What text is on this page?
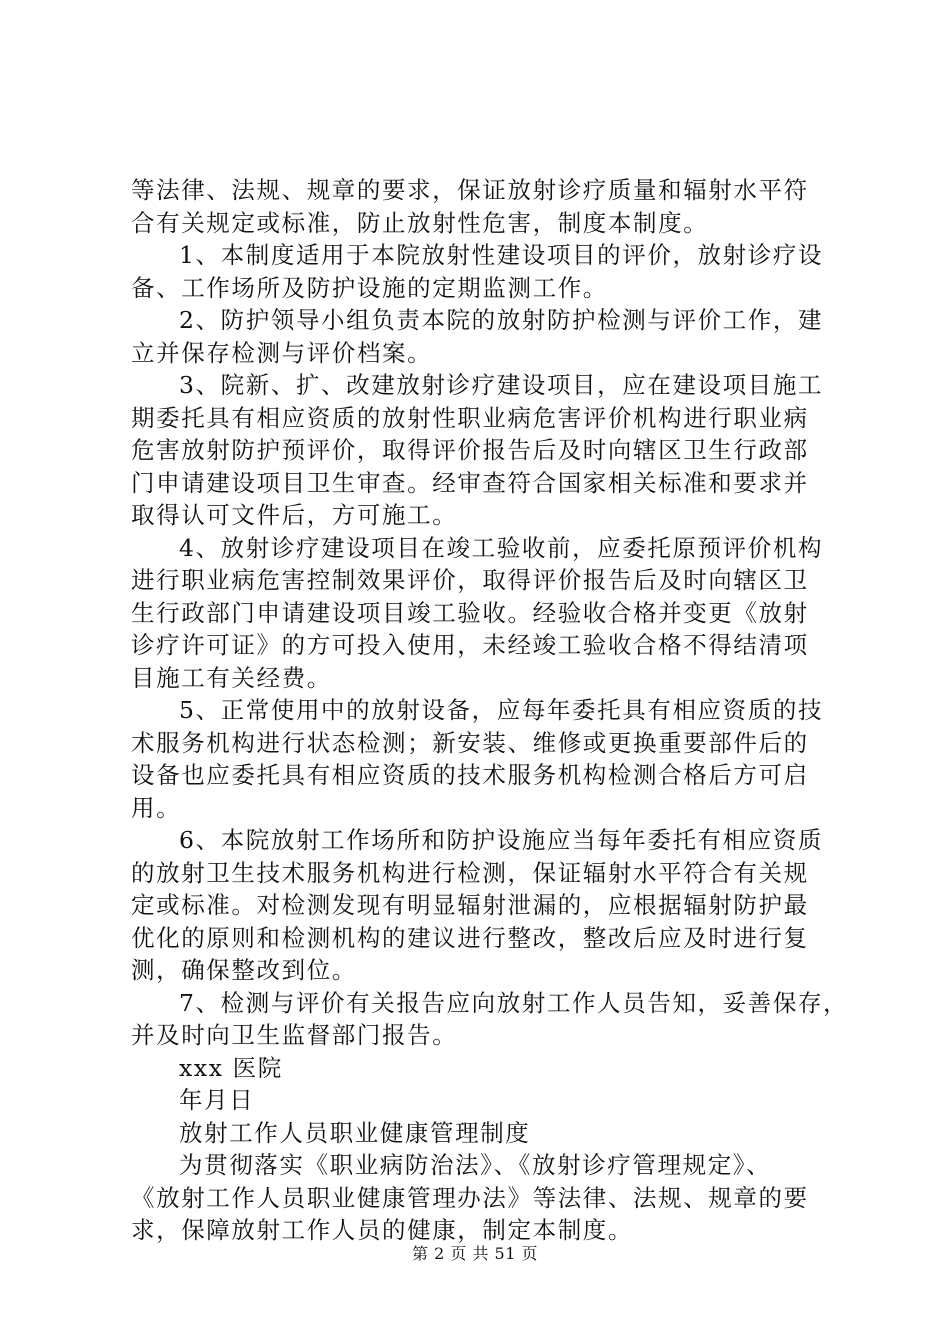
等法律、法规、规章的要求，保证放射诊疗质量和辐射水平符
合有关规定或标准，防止放射性危害，制度本制度。
1、本制度适用于本院放射性建设项目的评价，放射诊疗设
备、工作场所及防护设施的定期监测工作。
2、防护领导小组负责本院的放射防护检测与评价工作，建
立并保存检测与评价档案。
3、院新、扩、改建放射诊疗建设项目，应在建设项目施工
期委托具有相应资质的放射性职业病危害评价机构进行职业病
危害放射防护预评价，取得评价报告后及时向辖区卫生行政部
门申请建设项目卫生审查。经审查符合国家相关标准和要求并
取得认可文件后，方可施工。
4、放射诊疗建设项目在竣工验收前，应委托原预评价机构
进行职业病危害控制效果评价，取得评价报告后及时向辖区卫
生行政部门申请建设项目竣工验收。经验收合格并变更《放射
诊疗许可证》的方可投入使用，未经竣工验收合格不得结清项
目施工有关经费。
5、正常使用中的放射设备，应每年委托具有相应资质的技
术服务机构进行状态检测；新安装、维修或更换重要部件后的
设备也应委托具有相应资质的技术服务机构检测合格后方可启
用。
6、本院放射工作场所和防护设施应当每年委托有相应资质
的放射卫生技术服务机构进行检测，保证辐射水平符合有关规
定或标准。对检测发现有明显辐射泄漏的，应根据辐射防护最
优化的原则和检测机构的建议进行整改，整改后应及时进行复
测，确保整改到位。
7、检测与评价有关报告应向放射工作人员告知，妥善保存，
并及时向卫生监督部门报告。
xxx 医院
年月日
放射工作人员职业健康管理制度
为贯彻落实《职业病防治法》、《放射诊疗管理规定》、
《放射工作人员职业健康管理办法》等法律、法规、规章的要
求，保障放射工作人员的健康，制定本制度。
第 2 页 共 51 页
